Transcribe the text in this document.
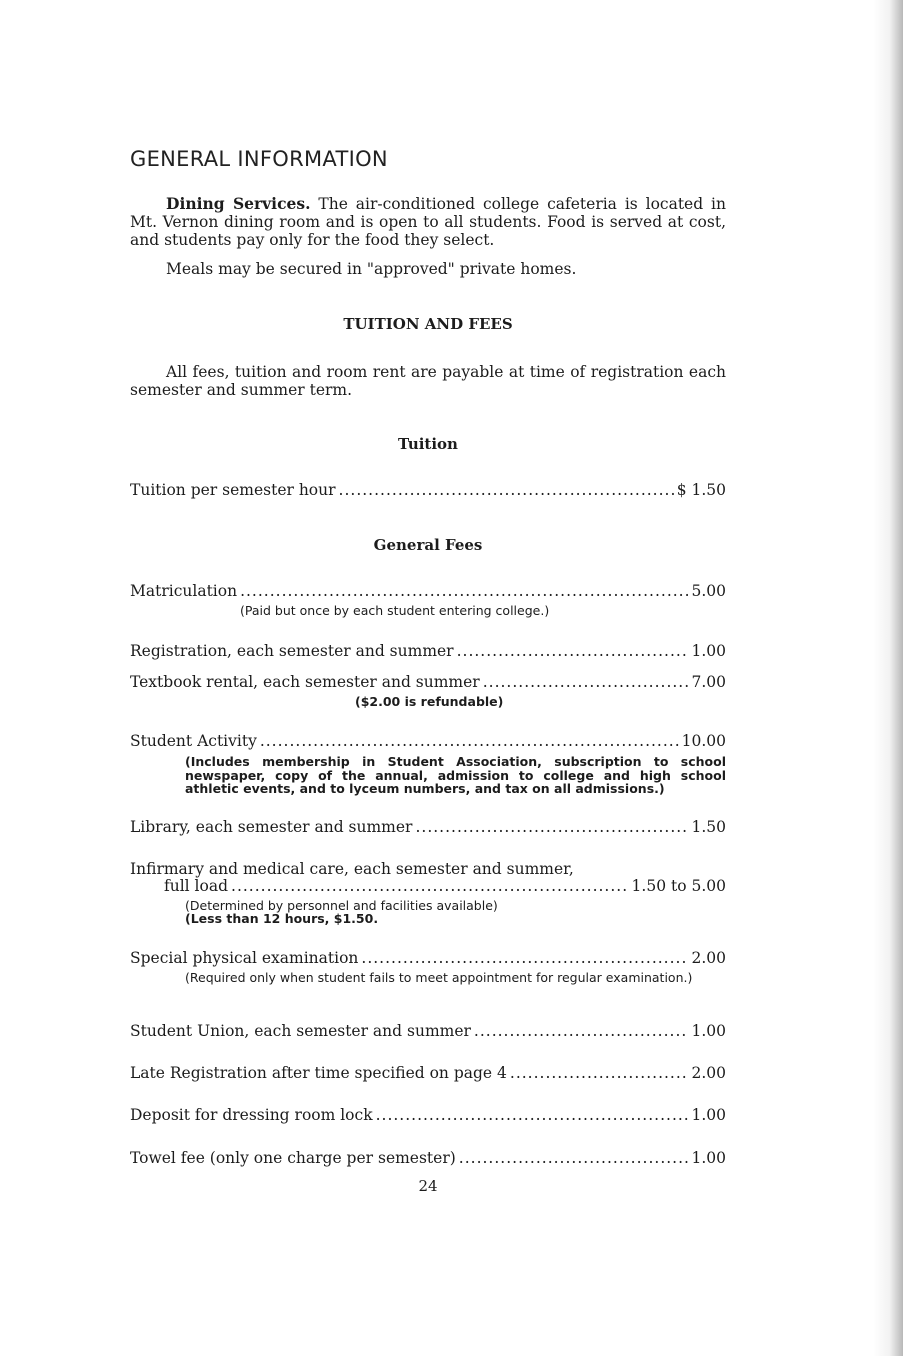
GENERAL INFORMATION

Dining Services. The air-conditioned college cafeteria is located in Mt. Vernon dining room and is open to all students. Food is served at cost, and students pay only for the food they select.

Meals may be secured in "approved" private homes.

TUITION AND FEES

All fees, tuition and room rent are payable at time of registration each semester and summer term.

Tuition

Tuition per semester hour .....	$ 1.50

General Fees

Matriculation .....	5.00

(Paid but once by each student entering college.)

Registration, each semester and summer .....	1.00
Textbook rental, each semester and summer .....	7.00

($2.00 is refundable)

Student Activity .....	10.00

(Includes membership in Student Association, subscription to school newspaper, copy of the annual, admission to college and high school athletic events, and to lyceum numbers, and tax on all admissions.)

Library, each semester and summer .....	1.50
Infirmary and medical care, each semester and summer,
full load .....	1.50 to 5.00

(Determined by personnel and facilities available)

(Less than 12 hours, $1.50.

Special physical examination .....	2.00

(Required only when student fails to meet appointment for regular examination.)

Student Union, each semester and summer .....	1.00
Late Registration after time specified on page 4 .....	2.00
Deposit for dressing room lock .....	1.00
Towel fee (only one charge per semester) .....	1.00
24
